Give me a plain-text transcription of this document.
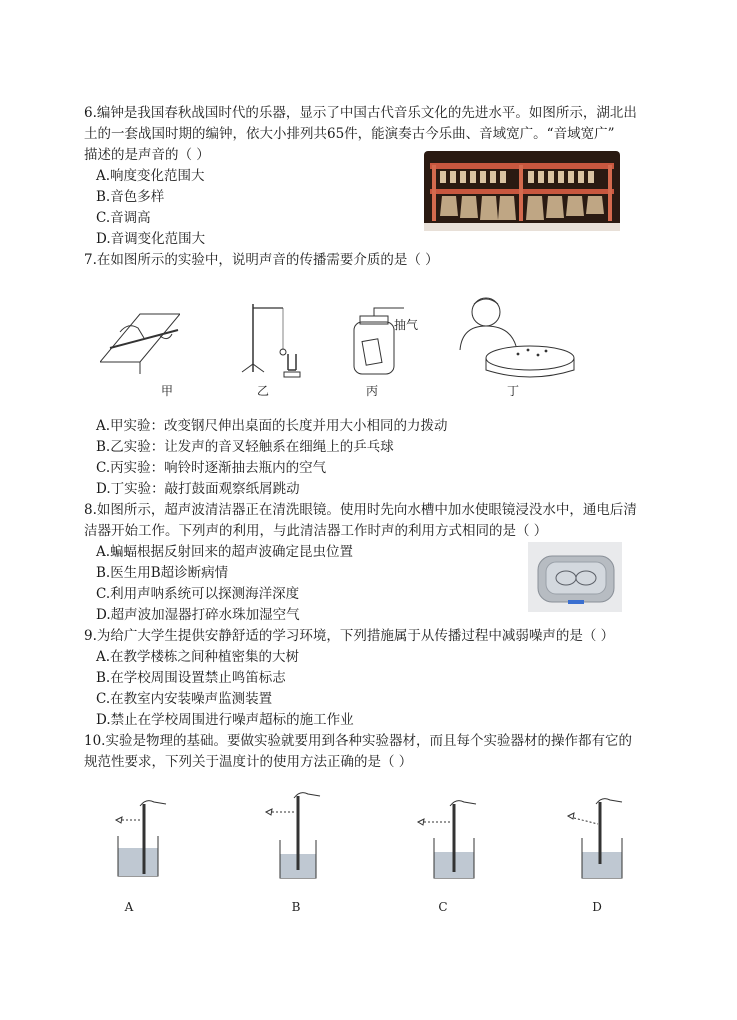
6.编钟是我国春秋战国时代的乐器，显示了中国古代音乐文化的先进水平。如图所示，湖北出
土的一套战国时期的编钟，依大小排列共65件，能演奏古今乐曲、音域宽广。“音域宽广”
描述的是声音的（ ）
A.响度变化范围大
B.音色多样
C.音调高
D.音调变化范围大
7.在如图所示的实验中，说明声音的传播需要介质的是（ ）
甲	乙
抽气
丙	丁
A.甲实验：改变钢尺伸出桌面的长度并用大小相同的力拨动
B.乙实验：让发声的音叉轻触系在细绳上的乒乓球
C.丙实验：响铃时逐渐抽去瓶内的空气
D.丁实验：敲打鼓面观察纸屑跳动
8.如图所示，超声波清洁器正在清洗眼镜。使用时先向水槽中加水使眼镜浸没水中，通电后清
洁器开始工作。下列声的利用，与此清洁器工作时声的利用方式相同的是（ ）
A.蝙蝠根据反射回来的超声波确定昆虫位置
B.医生用B超诊断病情
C.利用声呐系统可以探测海洋深度
D.超声波加湿器打碎水珠加湿空气
9.为给广大学生提供安静舒适的学习环境，下列措施属于从传播过程中减弱噪声的是（ ）
A.在教学楼栋之间种植密集的大树
B.在学校周围设置禁止鸣笛标志
C.在教室内安装噪声监测装置
D.禁止在学校周围进行噪声超标的施工作业
10.实验是物理的基础。要做实验就要用到各种实验器材，而且每个实验器材的操作都有它的
规范性要求，下列关于温度计的使用方法正确的是（ ）
A	B	C	D
